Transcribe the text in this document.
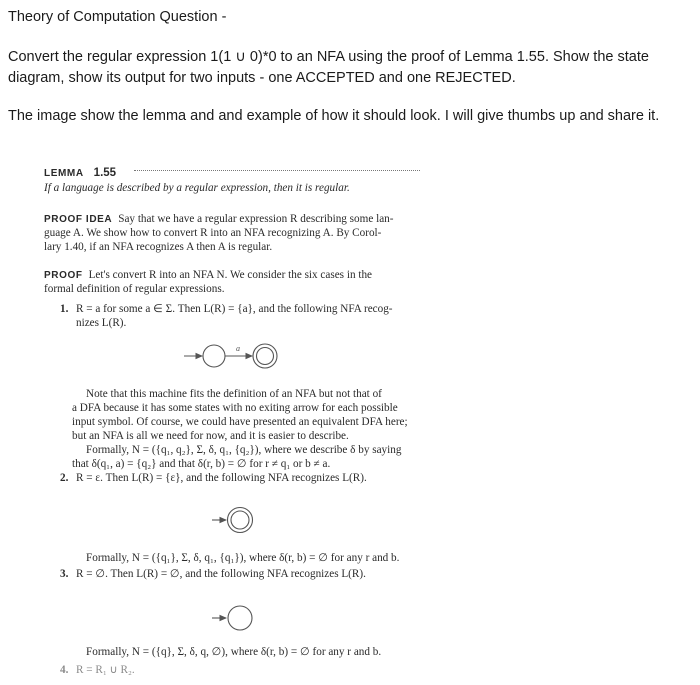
Theory of Computation Question -
Convert the regular expression 1(1 ∪ 0)*0 to an NFA using the proof of Lemma 1.55. Show the state
diagram, show its output for two inputs - one ACCEPTED and one REJECTED.
The image show the lemma and and example of how it should look. I will give thumbs up and share it.
LEMMA 1.55
If a language is described by a regular expression, then it is regular.
PROOF IDEA Say that we have a regular expression R describing some lan-
guage A. We show how to convert R into an NFA recognizing A. By Corol-
lary 1.40, if an NFA recognizes A then A is regular.
PROOF Let's convert R into an NFA N. We consider the six cases in the
formal definition of regular expressions.
1. R = a for some a ∈ Σ. Then L(R) = {a}, and the following NFA recog-
nizes L(R).
a
Note that this machine fits the definition of an NFA but not that of
a DFA because it has some states with no exiting arrow for each possible
input symbol. Of course, we could have presented an equivalent DFA here;
but an NFA is all we need for now, and it is easier to describe.
Formally, N = ({q₁, q₂}, Σ, δ, q₁, {q₂}), where we describe δ by saying
that δ(q₁, a) = {q₂} and that δ(r, b) = ∅ for r ≠ q₁ or b ≠ a.
2. R = ε. Then L(R) = {ε}, and the following NFA recognizes L(R).
Formally, N = ({q₁}, Σ, δ, q₁, {q₁}), where δ(r, b) = ∅ for any r and b.
3. R = ∅. Then L(R) = ∅, and the following NFA recognizes L(R).
Formally, N = ({q}, Σ, δ, q, ∅), where δ(r, b) = ∅ for any r and b.
4. R = R₁ ∪ R₂.
